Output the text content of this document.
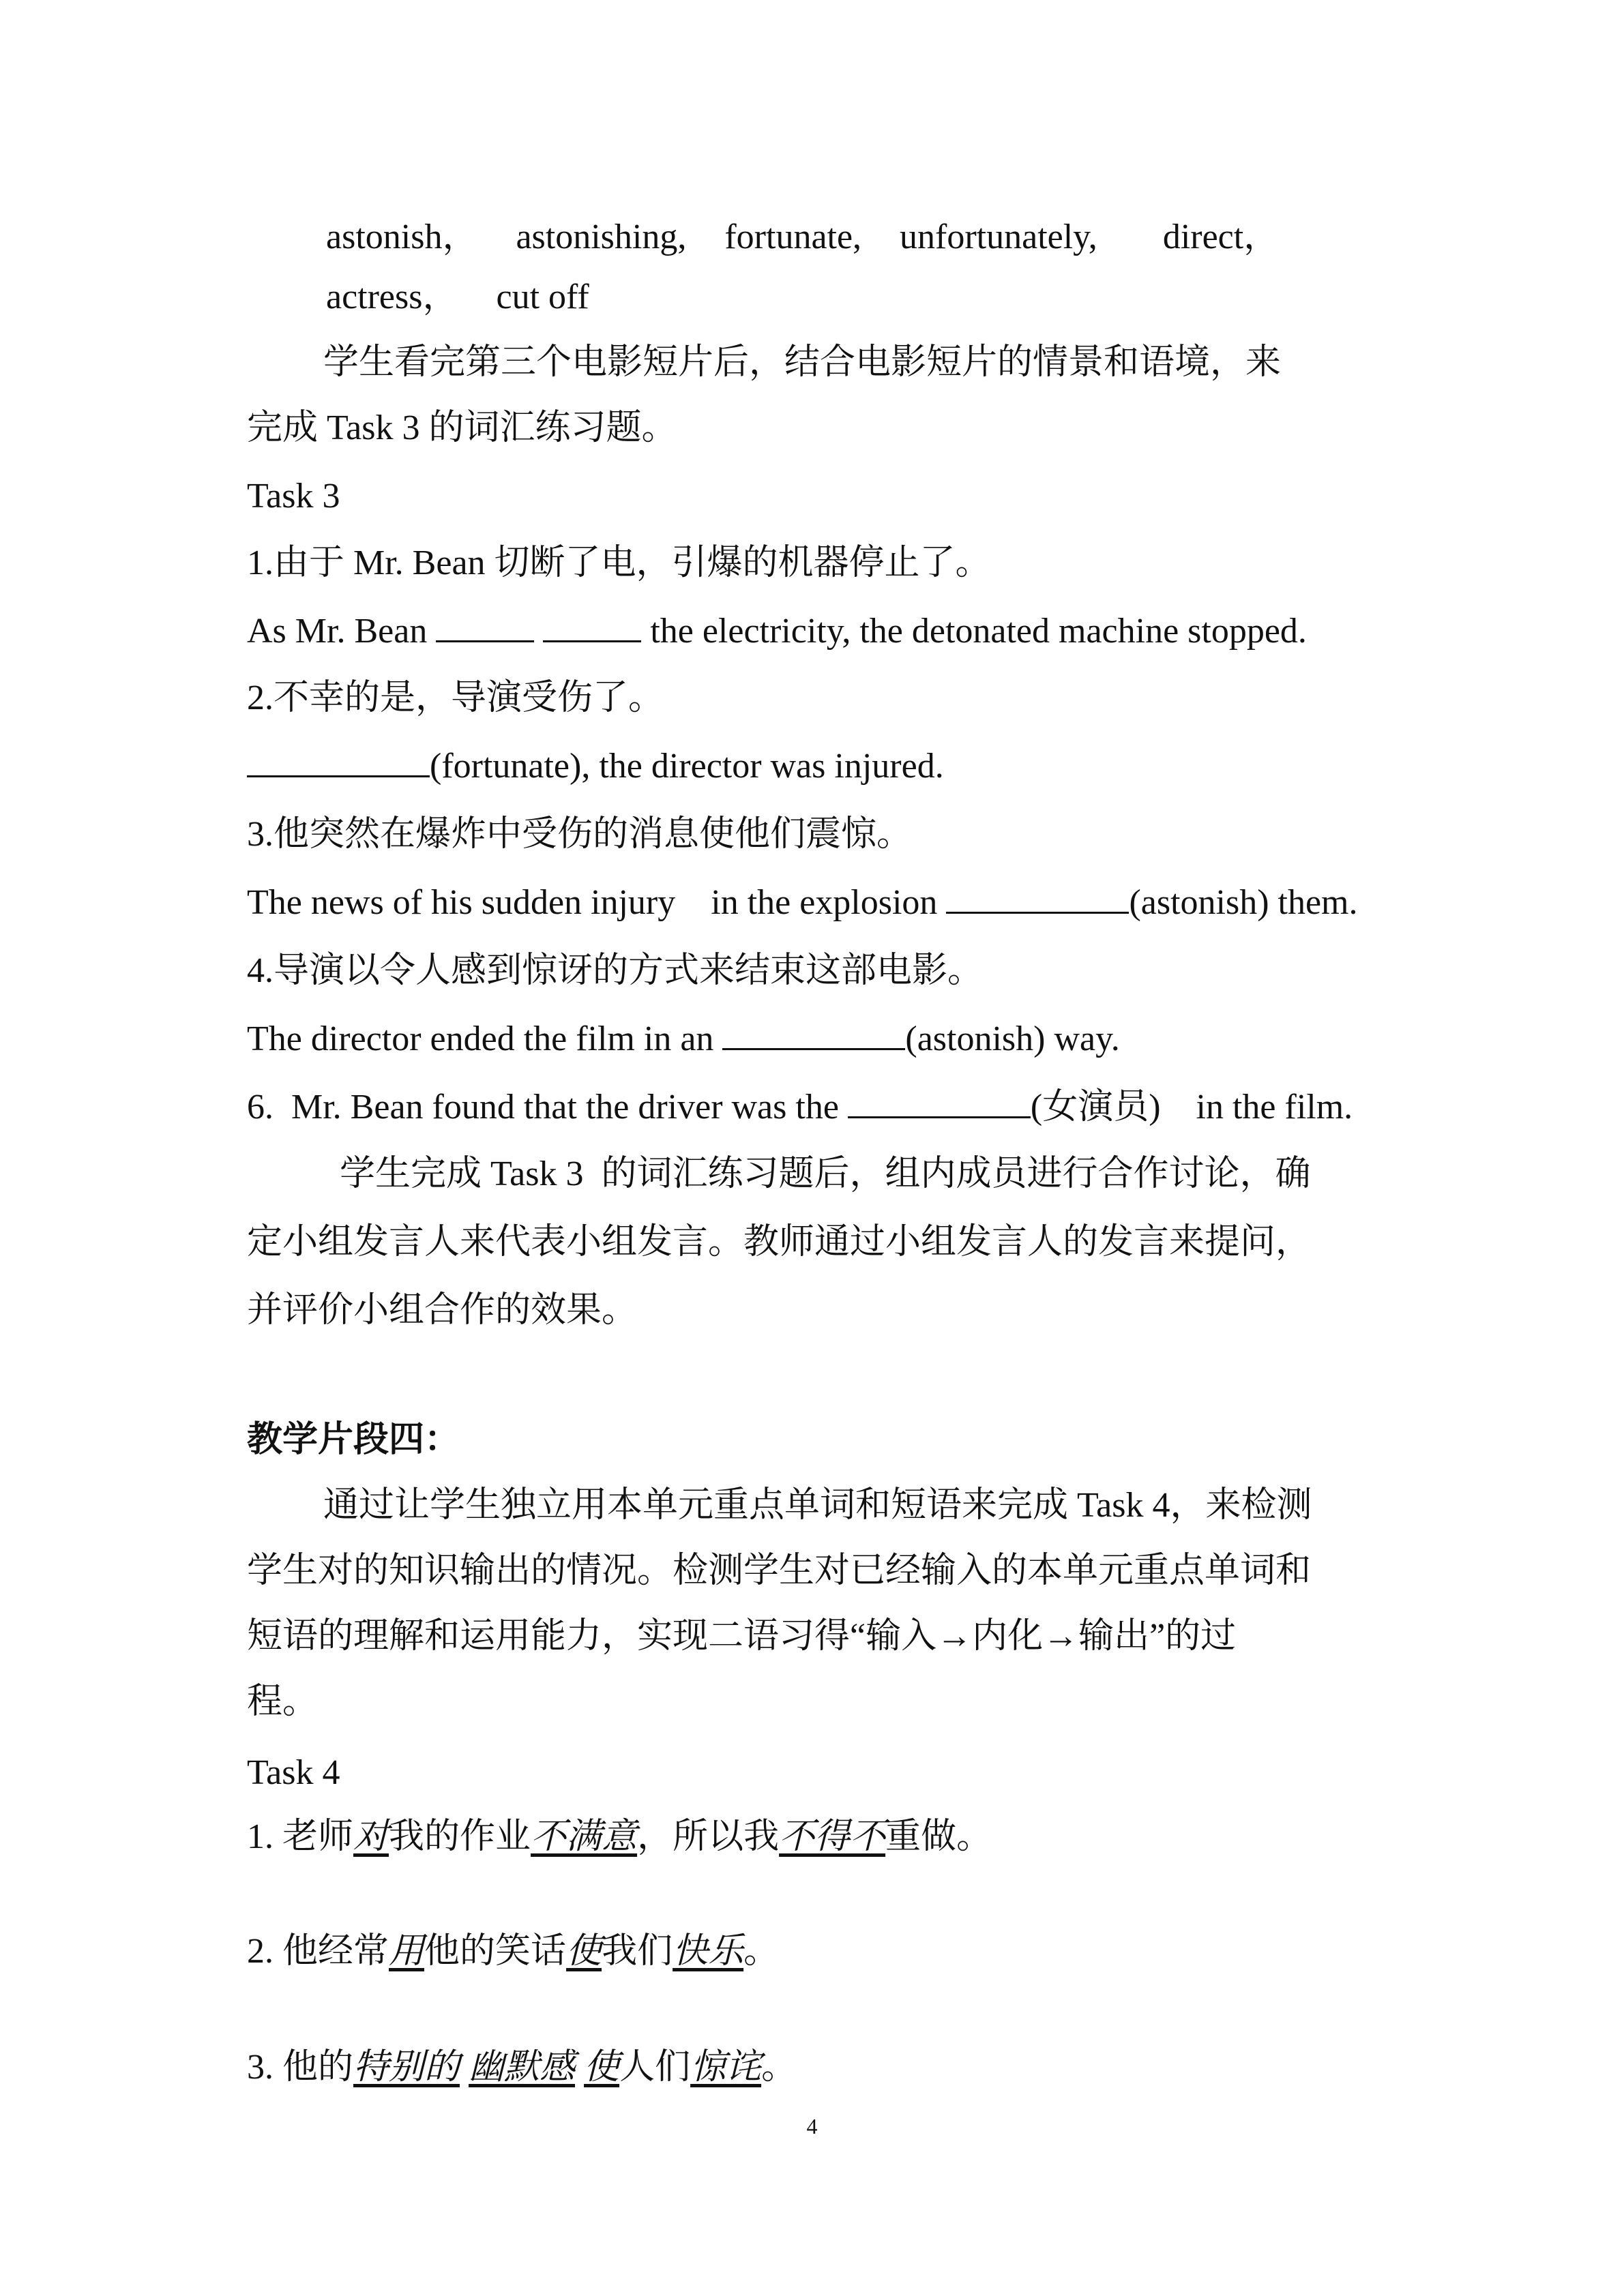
astonish， astonishing, fortunate, unfortunately, direct，
actress， cut off
学生看完第三个电影短片后，结合电影短片的情景和语境，来
完成 Task 3 的词汇练习题。
Task 3
1.由于 Mr. Bean 切断了电，引爆的机器停止了。
As Mr. Bean	the electricity, the detonated machine stopped.
2.不幸的是，导演受伤了。
(fortunate), the director was injured.
3.他突然在爆炸中受伤的消息使他们震惊。
The news of his sudden injury    in the explosion	(astonish) them.
4.导演以令人感到惊讶的方式来结束这部电影。
The director ended the film in an	(astonish) way.
6.  Mr. Bean found that the driver was the	(女演员)    in the film.
学生完成 Task 3  的词汇练习题后，组内成员进行合作讨论，确
定小组发言人来代表小组发言。教师通过小组发言人的发言来提问，
并评价小组合作的效果。
教学片段四：
通过让学生独立用本单元重点单词和短语来完成 Task 4，来检测
学生对的知识输出的情况。检测学生对已经输入的本单元重点单词和
短语的理解和运用能力，实现二语习得“输入→内化→输出”的过
程。
Task 4
1. 老师对我的作业不满意，所以我不得不重做。
2. 他经常用他的笑话使我们快乐。
3. 他的特别的 幽默感 使人们惊诧。
4
